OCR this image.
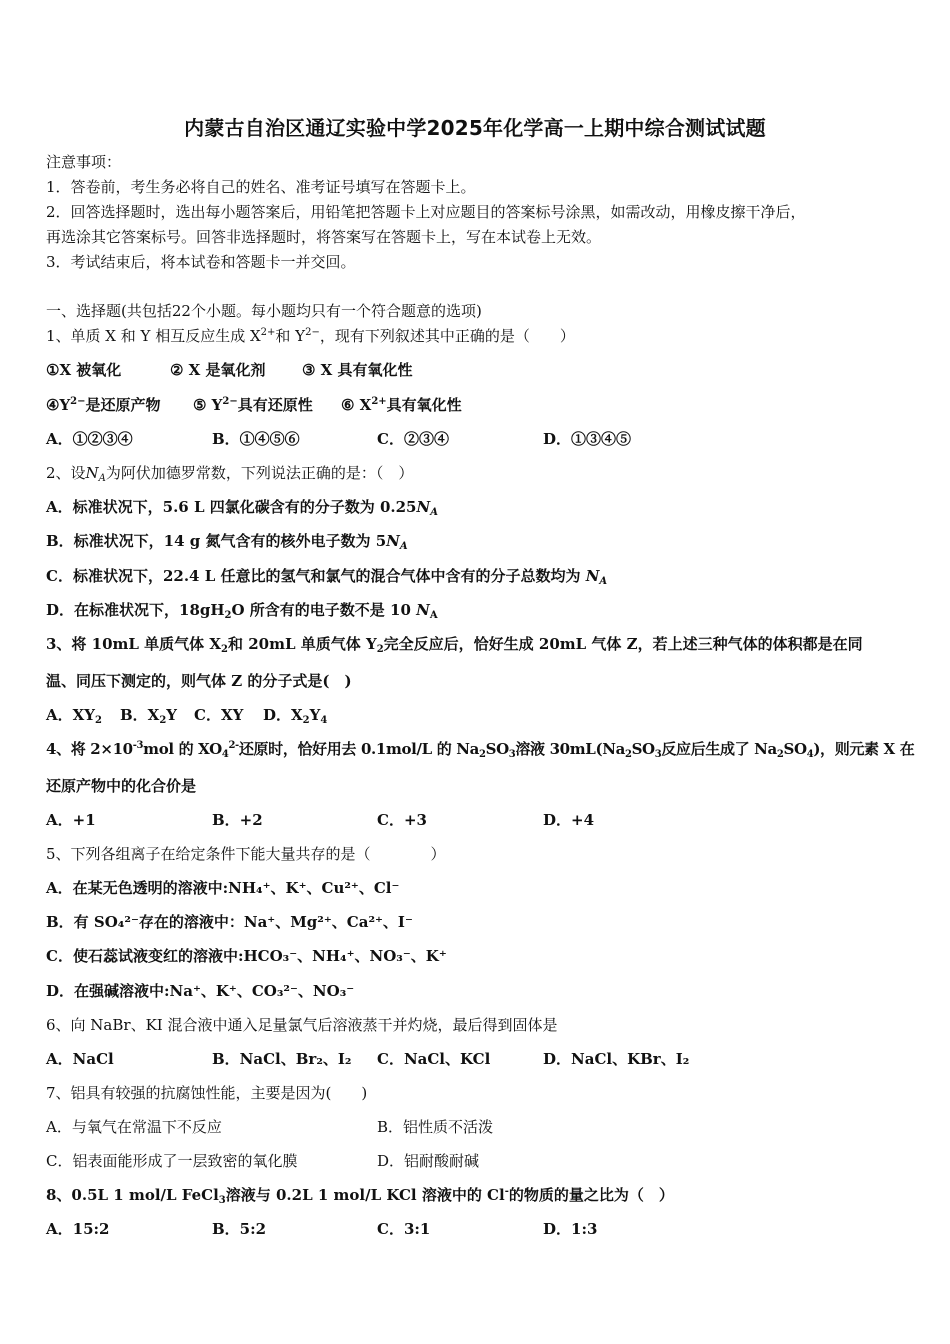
内蒙古自治区通辽实验中学2025年化学高一上期中综合测试试题
注意事项：
1．答卷前，考生务必将自己的姓名、准考证号填写在答题卡上。
2．回答选择题时，选出每小题答案后，用铅笔把答题卡上对应题目的答案标号涂黑，如需改动，用橡皮擦干净后，
再选涂其它答案标号。回答非选择题时，将答案写在答题卡上，写在本试卷上无效。
3．考试结束后，将本试卷和答题卡一并交回。
一、选择题(共包括22个小题。每小题均只有一个符合题意的选项)
1、单质 X 和 Y 相互反应生成 $X^{2+}$和 $Y^{2-}$，现有下列叙述其中正确的是（　　）
①X 被氧化	② X 是氧化剂 ③ X 具有氧化性
$④Y^{2-}$是还原产物 ⑤ $Y^{2-}$具有还原性 ⑥ $X^{2+}$具有氧化性
A．①②③④	B．①④⑤⑥	C．②③④	D．①③④⑤
2、设$N_A$为阿伏加德罗常数，下列说法正确的是：（　）
A．标准状况下，5.6 L 四氯化碳含有的分子数为 $0.25N_A$
B．标准状况下，14 g 氮气含有的核外电子数为 $5N_A$
C．标准状况下，22.4 L 任意比的氢气和氯气的混合气体中含有的分子总数均为 $N_A$
D．在标准状况下，$18gH_2O$ 所含有的电子数不是 10 $N_A$
3、将 10mL 单质气体 $X_2$和 20mL 单质气体 $Y_2$完全反应后，恰好生成 20mL 气体 Z，若上述三种气体的体积都是在同
温、同压下测定的，则气体 Z 的分子式是(　)
A．$XY_2$ B．$X_2Y$ C．XY D．$X_2Y_4$
4、将 $2\times 10^{-3}mol$ 的 $XO_4^{2-}$还原时，恰好用去 0.1mol/L 的 $Na_2SO_3$溶液 $30mL(Na_2SO_3$反应后生成了 $Na_2SO_4$)，则元素 X 在
还原产物中的化合价是
A．+1	B．+2	C．+3	D．+4
5、下列各组离子在给定条件下能大量共存的是（　　　　）
A．在某无色透明的溶液中:NH₄⁺、K⁺、Cu²⁺、Cl⁻
B．有 SO₄²⁻存在的溶液中：Na⁺、Mg²⁺、Ca²⁺、I⁻
C．使石蕊试液变红的溶液中:HCO₃⁻、NH₄⁺、NO₃⁻、K⁺
D．在强碱溶液中:Na⁺、K⁺、CO₃²⁻、NO₃⁻
6、向 NaBr、KI 混合液中通入足量氯气后溶液蒸干并灼烧，最后得到固体是
A．NaCl	B．NaCl、Br₂、I₂ C．NaCl、KCl	D．NaCl、KBr、I₂
7、铝具有较强的抗腐蚀性能，主要是因为(　　)
A．与氧气在常温下不反应	B．铝性质不活泼
C．铝表面能形成了一层致密的氧化膜	D．铝耐酸耐碱
8、0.5L 1 mol/L FeCl$_3$溶液与 0.2L 1 mol/L KCl 溶液中的 Cl-的物质的量之比为（　）
A．15:2	B．5:2	C．3:1	D．1:3
